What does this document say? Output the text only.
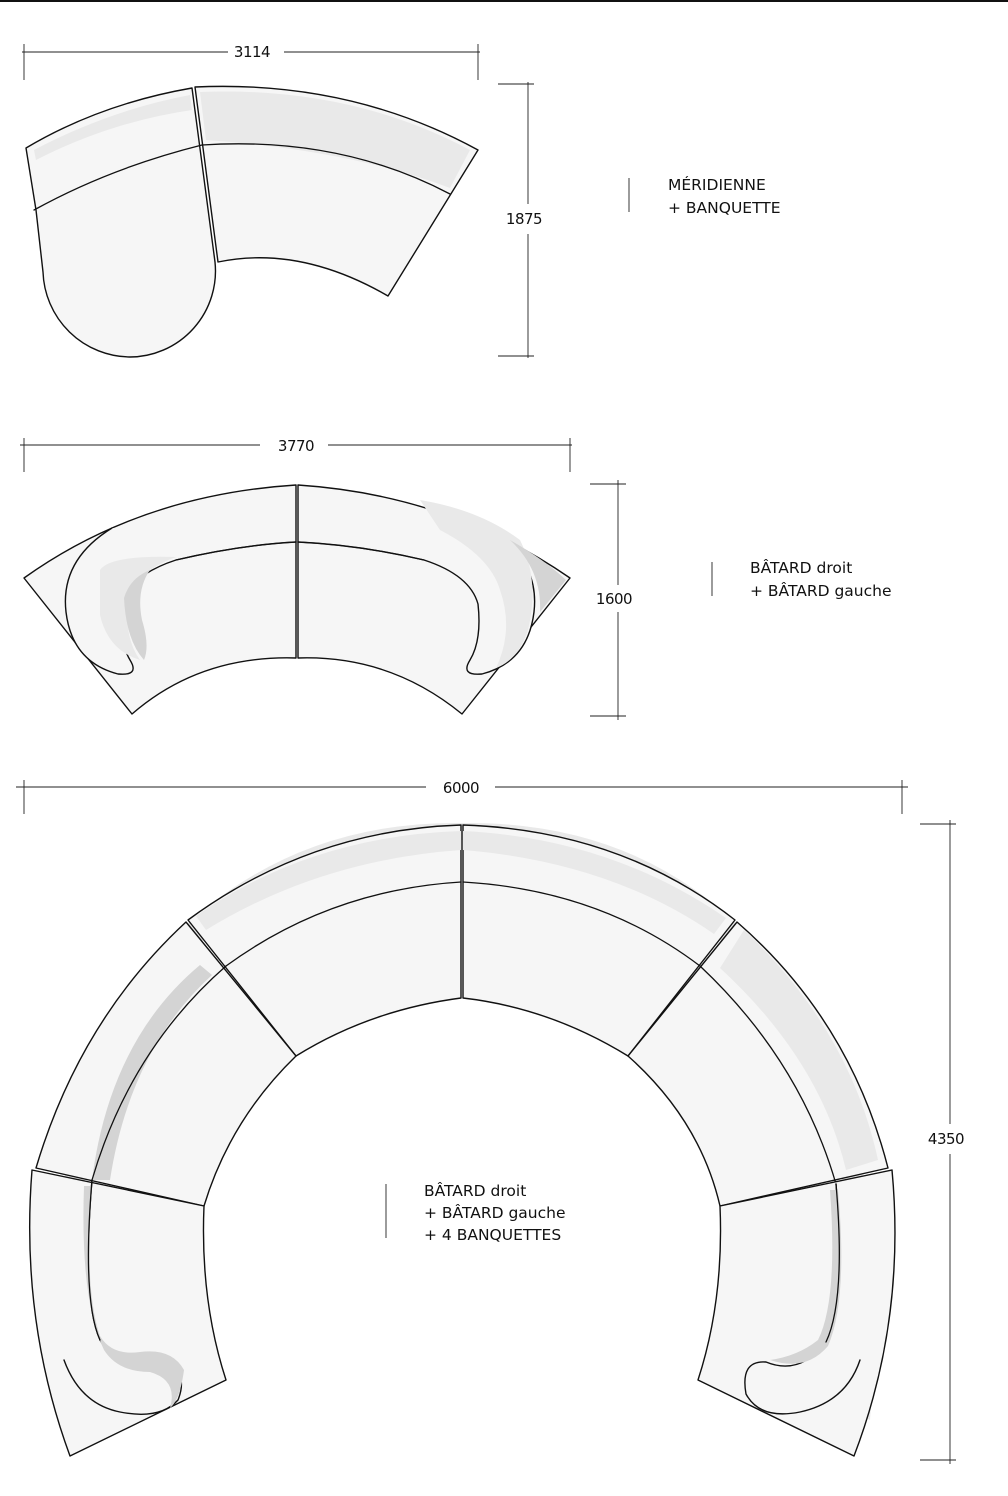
3114
1875
MÉRIDIENNE
+ BANQUETTE
3770
1600
BÂTARD droit
+ BÂTARD gauche
6000
4350
BÂTARD droit
+ BÂTARD gauche
+ 4 BANQUETTES
